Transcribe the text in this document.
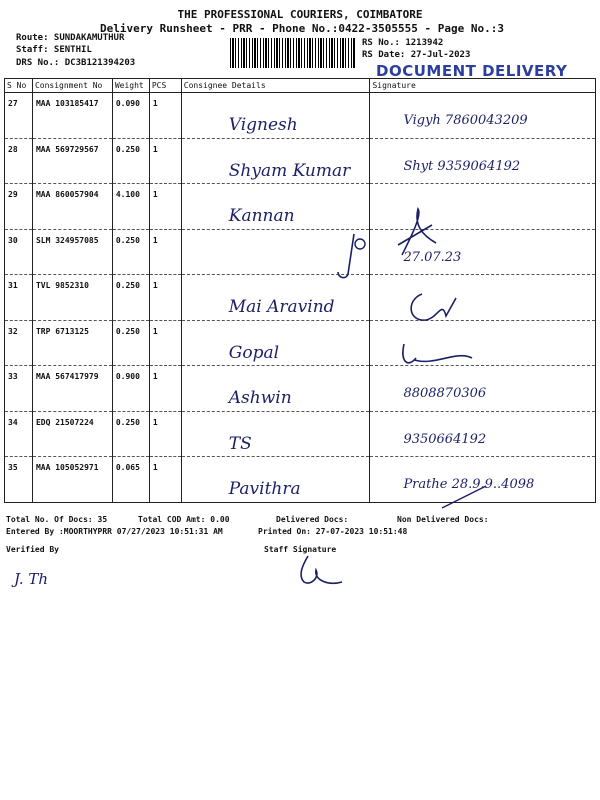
THE PROFESSIONAL COURIERS, COIMBATORE
Delivery Runsheet - PRR - Phone No.:0422-3505555 - Page No.:3
Route: SUNDAKAMUTHUR
Staff: SENTHIL
DRS No.: DC3B121394203
RS No.: 1213942
RS Date: 27-Jul-2023
DOCUMENT DELIVERY
S No	Consignment No	Weight	PCS	Consignee Details	Signature
27	MAA 103185417	0.090	1	Vignesh	Vigyh 7860043209
28	MAA 569729567	0.250	1	Shyam Kumar	Shyt 9359064192
29	MAA 860057904	4.100	1	Kannan	
30	SLM 324957085	0.250	1		27.07.23
31	TVL 9852310	0.250	1	Mai Aravind	
32	TRP 6713125	0.250	1	Gopal	
33	MAA 567417979	0.900	1	Ashwin	8808870306
34	EDQ 21507224	0.250	1	TS	9350664192
35	MAA 105052971	0.065	1	Pavithra	Prathe 28.9.9..4098
Total No. Of Docs: 35	Total COD Amt: 0.00	Delivered Docs:	Non Delivered Docs:
Entered By :MOORTHYPRR 07/27/2023 10:51:31 AM	Printed On: 27-07-2023 10:51:48
Verified By	Staff Signature
J. Th
